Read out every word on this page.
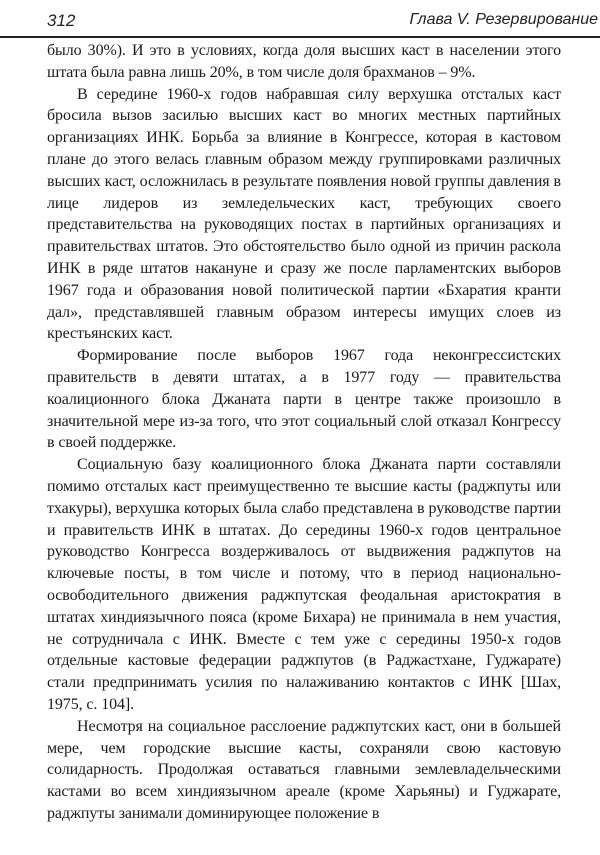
312	Глава V. Резервирование

было 30%). И это в условиях, когда доля высших каст в населении этого штата была равна лишь 20%, в том числе доля брахманов – 9%.

В середине 1960-х годов набравшая силу верхушка отсталых каст бросила вызов засилью высших каст во многих местных партийных организациях ИНК. Борьба за влияние в Конгрессе, которая в кастовом плане до этого велась главным образом между группировками различных высших каст, осложнилась в результате появления новой группы давления в лице лидеров из земледельческих каст, требующих своего представительства на руководящих постах в партийных организациях и правительствах штатов. Это обстоятельство было одной из причин раскола ИНК в ряде штатов накануне и сразу же после парламентских выборов 1967 года и образования новой политической партии «Бхаратия кранти дал», представлявшей главным образом интересы имущих слоев из крестьянских каст.

Формирование после выборов 1967 года неконгрессистских правительств в девяти штатах, а в 1977 году — правительства коалиционного блока Джаната парти в центре также произошло в значительной мере из-за того, что этот социальный слой отказал Конгрессу в своей поддержке.

Социальную базу коалиционного блока Джаната парти составляли помимо отсталых каст преимущественно те высшие касты (раджпуты или тхакуры), верхушка которых была слабо представлена в руководстве партии и правительств ИНК в штатах. До середины 1960-х годов центральное руководство Конгресса воздерживалось от выдвижения раджпутов на ключевые посты, в том числе и потому, что в период национально-освободительного движения раджпутская феодальная аристократия в штатах хиндиязычного пояса (кроме Бихара) не принимала в нем участия, не сотрудничала с ИНК. Вместе с тем уже с середины 1950-х годов отдельные кастовые федерации раджпутов (в Раджастхане, Гуджарате) стали предпринимать усилия по налаживанию контактов с ИНК [Шах, 1975, с. 104].

Несмотря на социальное расслоение раджпутских каст, они в большей мере, чем городские высшие касты, сохраняли свою кастовую солидарность. Продолжая оставаться главными землевладельческими кастами во всем хиндиязычном ареале (кроме Харьяны) и Гуджарате, раджпуты занимали доминирующее положение в
